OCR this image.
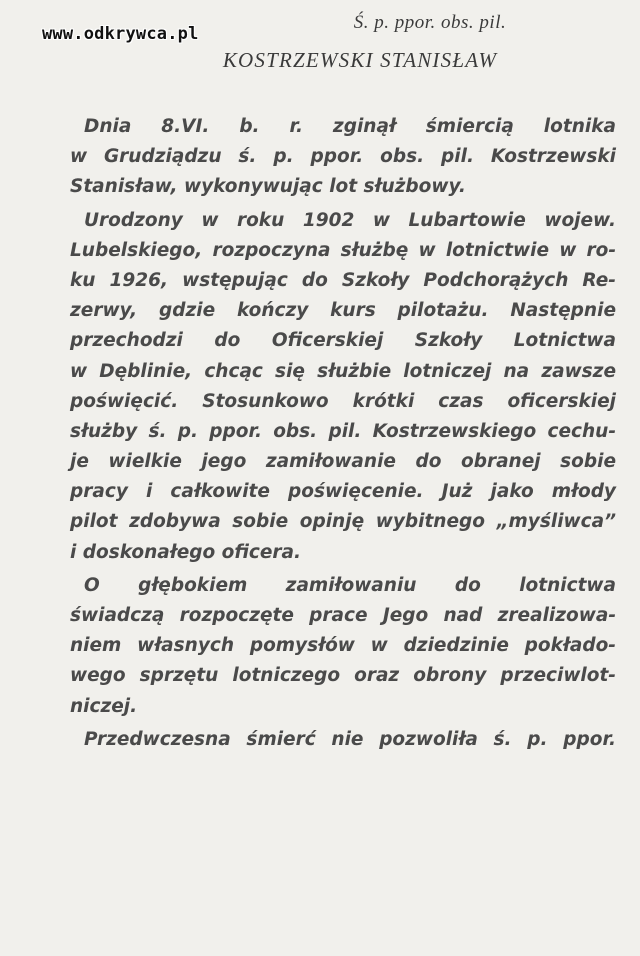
www.odkrywca.pl
Ś. p. ppor. obs. pil.
KOSTRZEWSKI STANISŁAW
Dnia 8.VI. b. r. zginął śmiercią lotnika
w Grudziądzu ś. p. ppor. obs. pil. Kostrzewski
Stanisław, wykonywując lot służbowy.
Urodzony w roku 1902 w Lubartowie wojew.
Lubelskiego, rozpoczyna służbę w lotnictwie w ro-
ku 1926, wstępując do Szkoły Podchorążych Re-
zerwy, gdzie kończy kurs pilotażu. Następnie
przechodzi do Oficerskiej Szkoły Lotnictwa
w Dęblinie, chcąc się służbie lotniczej na zawsze
poświęcić. Stosunkowo krótki czas oficerskiej
służby ś. p. ppor. obs. pil. Kostrzewskiego cechu-
je wielkie jego zamiłowanie do obranej sobie
pracy i całkowite poświęcenie. Już jako młody
pilot zdobywa sobie opinję wybitnego „myśliwca”
i doskonałego oficera.
O głębokiem zamiłowaniu do lotnictwa
świadczą rozpoczęte prace Jego nad zrealizowa-
niem własnych pomysłów w dziedzinie pokłado-
wego sprzętu lotniczego oraz obrony przeciwlot-
niczej.
Przedwczesna śmierć nie pozwoliła ś. p. ppor.
